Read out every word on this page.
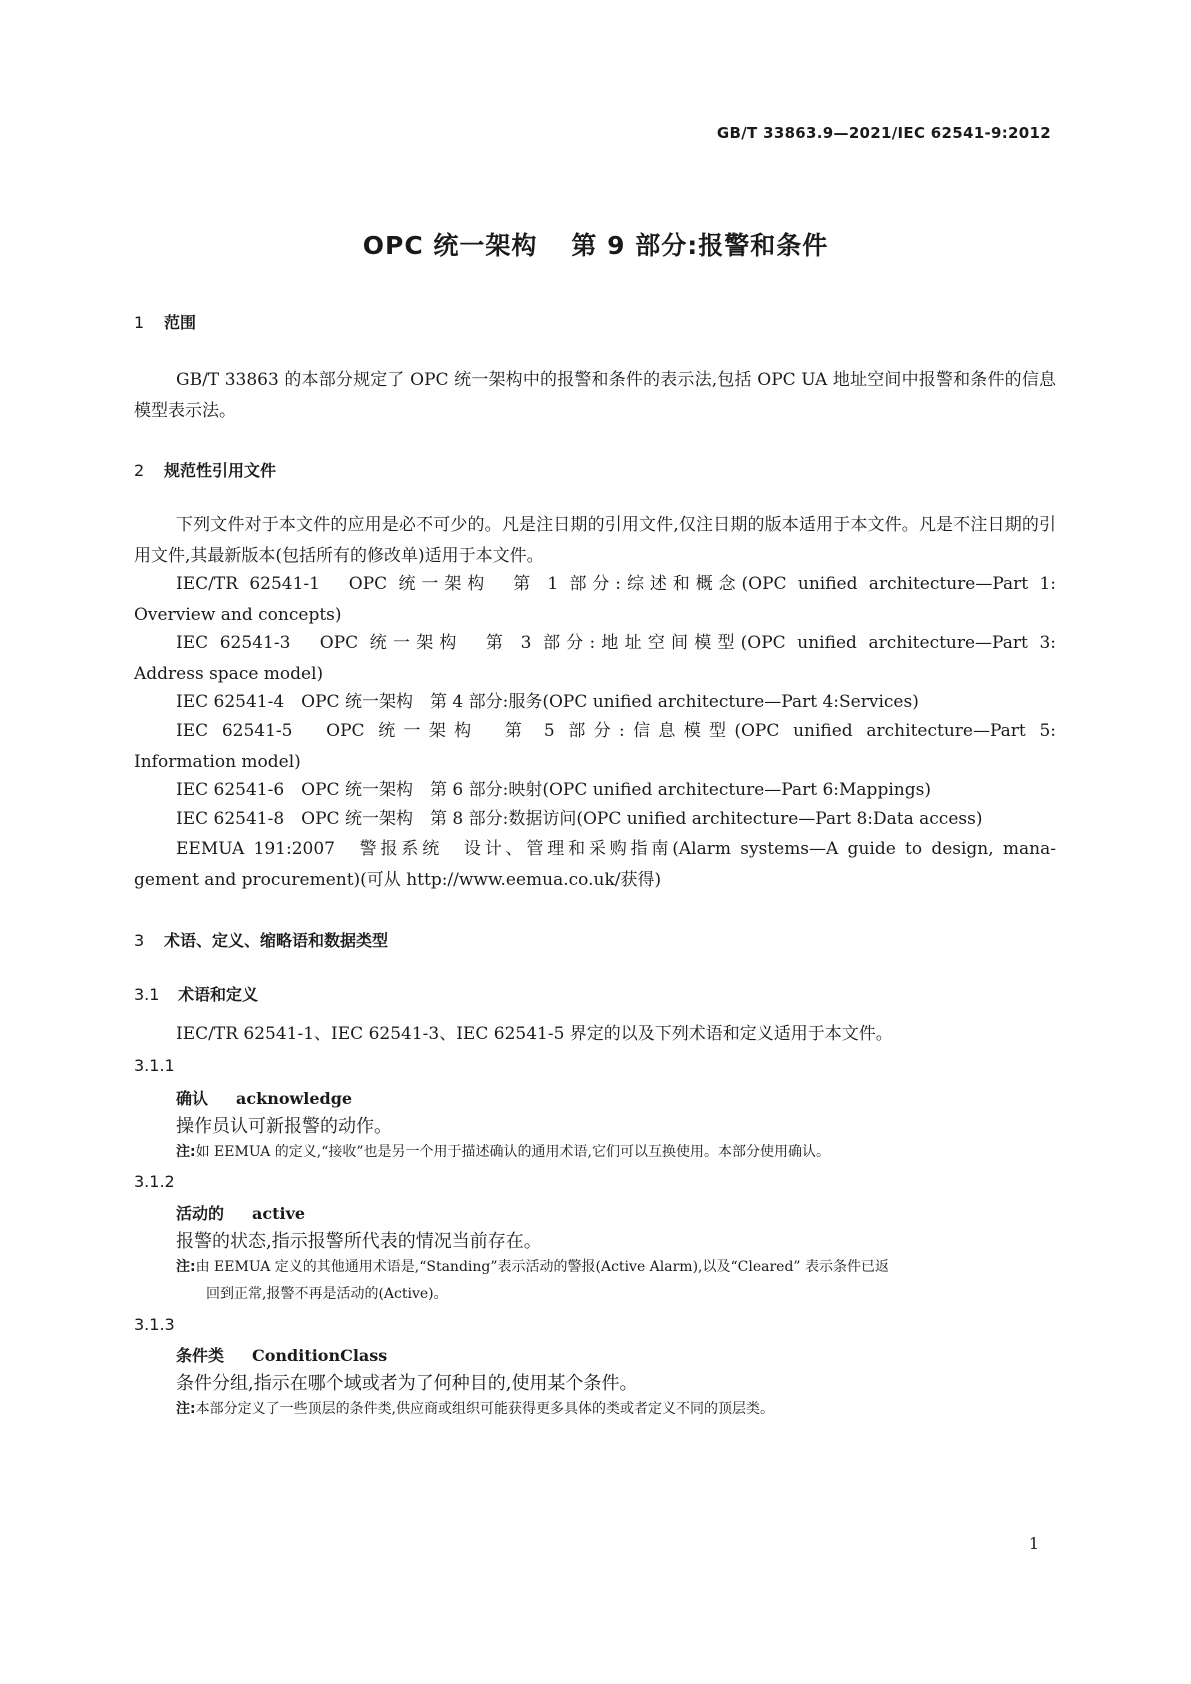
GB/T 33863.9—2021/IEC 62541-9:2012
OPC 统一架构 第 9 部分:报警和条件
1 范围
GB/T 33863 的本部分规定了 OPC 统一架构中的报警和条件的表示法,包括 OPC UA 地址空间中报警和条件的信息模型表示法。
2 规范性引用文件
下列文件对于本文件的应用是必不可少的。凡是注日期的引用文件,仅注日期的版本适用于本文件。凡是不注日期的引用文件,其最新版本(包括所有的修改单)适用于本文件。
IEC/TR 62541-1　OPC 统一架构　第 1 部分:综述和概念(OPC unified architecture—Part 1:
Overview and concepts)
IEC 62541-3　OPC 统一架构　第 3 部分:地址空间模型(OPC unified architecture—Part 3:
Address space model)
IEC 62541-4　OPC 统一架构　第 4 部分:服务(OPC unified architecture—Part 4:Services)
IEC 62541-5　OPC 统一架构　第 5 部分:信息模型(OPC unified architecture—Part 5:
Information model)
IEC 62541-6　OPC 统一架构　第 6 部分:映射(OPC unified architecture—Part 6:Mappings)
IEC 62541-8　OPC 统一架构　第 8 部分:数据访问(OPC unified architecture—Part 8:Data access)
EEMUA 191:2007　警报系统　设计、管理和采购指南(Alarm systems—A guide to design, mana-
gement and procurement)(可从 http://www.eemua.co.uk/获得)
3 术语、定义、缩略语和数据类型
3.1 术语和定义
IEC/TR 62541-1、IEC 62541-3、IEC 62541-5 界定的以及下列术语和定义适用于本文件。
3.1.1
确认 acknowledge
操作员认可新报警的动作。
注:如 EEMUA 的定义,“接收”也是另一个用于描述确认的通用术语,它们可以互换使用。本部分使用确认。
3.1.2
活动的 active
报警的状态,指示报警所代表的情况当前存在。
注:由 EEMUA 定义的其他通用术语是,“Standing”表示活动的警报(Active Alarm),以及“Cleared” 表示条件已返
回到正常,报警不再是活动的(Active)。
3.1.3
条件类 ConditionClass
条件分组,指示在哪个域或者为了何种目的,使用某个条件。
注:本部分定义了一些顶层的条件类,供应商或组织可能获得更多具体的类或者定义不同的顶层类。
1
